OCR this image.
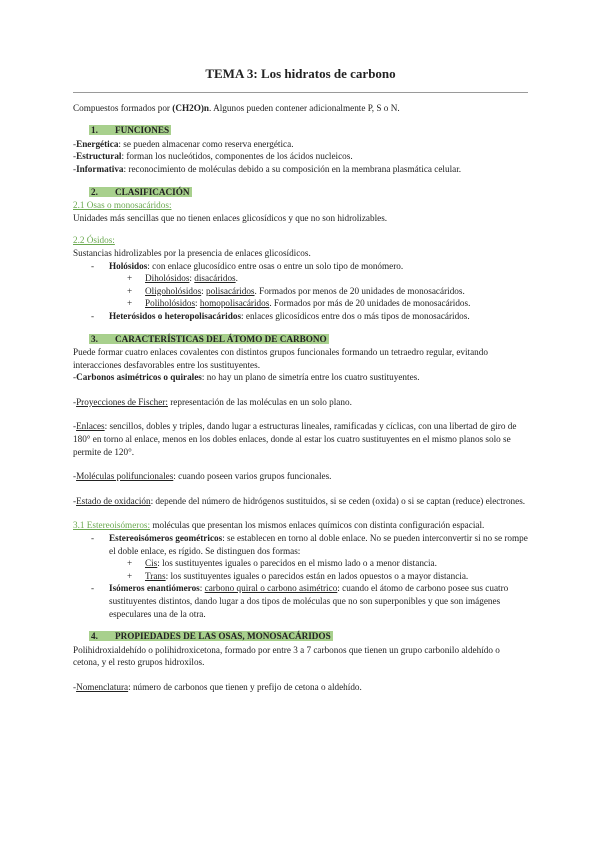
TEMA 3: Los hidratos de carbono

Compuestos formados por (CH2O)n. Algunos pueden contener adicionalmente P, S o N.

1. FUNCIONES

-Energética: se pueden almacenar como reserva energética.

-Estructural: forman los nucleótidos, componentes de los ácidos nucleicos.

-Informativa: reconocimiento de moléculas debido a su composición en la membrana plasmática celular.

2. CLASIFICACIÓN

2.1 Osas o monosacáridos:

Unidades más sencillas que no tienen enlaces glicosídicos y que no son hidrolizables.

2.2 Ósidos:

Sustancias hidrolizables por la presencia de enlaces glicosídicos.

- Holósidos: con enlace glucosídico entre osas o entre un solo tipo de monómero.
+ Diholósidos: disacáridos.
+ Oligoholósidos: polisacáridos. Formados por menos de 20 unidades de monosacáridos.
+ Poliholósidos: homopolisacáridos. Formados por más de 20 unidades de monosacáridos.
- Heterósidos o heteropolisacáridos: enlaces glicosídicos entre dos o más tipos de monosacáridos.
3. CARACTERÍSTICAS DEL ÁTOMO DE CARBONO

Puede formar cuatro enlaces covalentes con distintos grupos funcionales formando un tetraedro regular, evitando interacciones desfavorables entre los sustituyentes.

-Carbonos asimétricos o quirales: no hay un plano de simetría entre los cuatro sustituyentes.

-Proyecciones de Fischer: representación de las moléculas en un solo plano.

-Enlaces: sencillos, dobles y triples, dando lugar a estructuras lineales, ramificadas y cíclicas, con una libertad de giro de 180° en torno al enlace, menos en los dobles enlaces, donde al estar los cuatro sustituyentes en el mismo planos solo se permite de 120°.

-Moléculas polifuncionales: cuando poseen varios grupos funcionales.

-Estado de oxidación: depende del número de hidrógenos sustituidos, si se ceden (oxida) o si se captan (reduce) electrones.

3.1 Estereoisómeros: moléculas que presentan los mismos enlaces químicos con distinta configuración espacial.

- Estereoisómeros geométricos: se establecen en torno al doble enlace. No se pueden interconvertir si no se rompe el doble enlace, es rígido. Se distinguen dos formas:
+ Cis: los sustituyentes iguales o parecidos en el mismo lado o a menor distancia.
+ Trans: los sustituyentes iguales o parecidos están en lados opuestos o a mayor distancia.
- Isómeros enantiómeros: carbono quiral o carbono asimétrico: cuando el átomo de carbono posee sus cuatro sustituyentes distintos, dando lugar a dos tipos de moléculas que no son superponibles y que son imágenes especulares una de la otra.
4. PROPIEDADES DE LAS OSAS, MONOSACÁRIDOS

Polihidroxialdehído o polihidroxicetona, formado por entre 3 a 7 carbonos que tienen un grupo carbonilo aldehído o cetona, y el resto grupos hidroxilos.

-Nomenclatura: número de carbonos que tienen y prefijo de cetona o aldehído.
